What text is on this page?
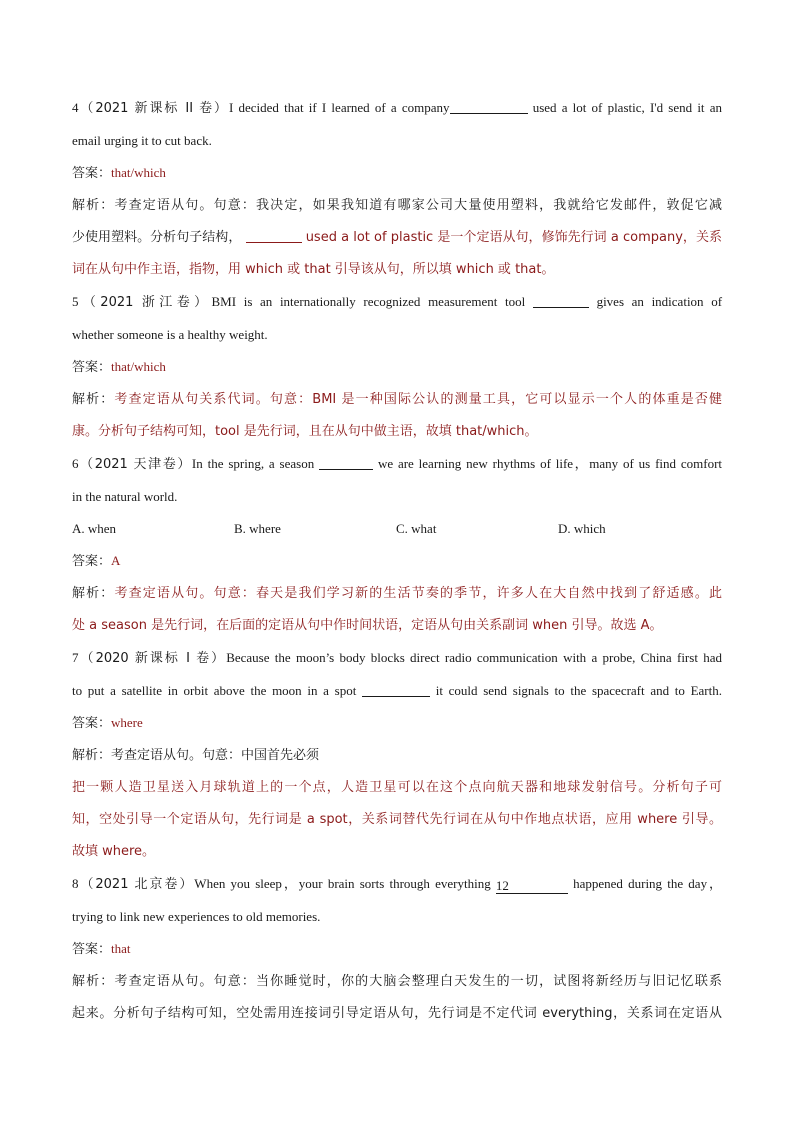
4（2021 新课标 II 卷）I decided that if I learned of a company	used a lot of plastic, I'd send it an
email urging it to cut back.
答案：that/which
解析：考查定语从句。句意：我决定，如果我知道有哪家公司大量使用塑料，我就给它发邮件，敦促它减
少使用塑料。分析句子结构，	used a lot of plastic 是一个定语从句，修饰先行词 a company，关系
词在从句中作主语，指物，用 which 或 that 引导该从句，所以填 which 或 that。
5（2021 浙江卷）BMI is an internationally recognized measurement tool	gives an indication of
whether someone is a healthy weight.
答案：that/which
解析：考查定语从句关系代词。句意：BMI 是一种国际公认的测量工具，它可以显示一个人的体重是否健
康。分析句子结构可知，tool 是先行词，且在从句中做主语，故填 that/which。
6（2021 天津卷）In the spring, a season	we are learning new rhythms of life，many of us find comfort
in the natural world.
A. when	B. where	C. what	D. which
答案：A
解析：考查定语从句。句意：春天是我们学习新的生活节奏的季节，许多人在大自然中找到了舒适感。此
处 a season 是先行词，在后面的定语从句中作时间状语，定语从句由关系副词 when 引导。故选 A。
7（2020 新课标 I 卷）Because the moon’s body blocks direct radio communication with a probe, China first had
to put a satellite in orbit above the moon in a spot	it could send signals to the spacecraft and to Earth.
答案：where
解析：考查定语从句。句意：中国首先必须
把一颗人造卫星送入月球轨道上的一个点，人造卫星可以在这个点向航天器和地球发射信号。分析句子可
知，空处引导一个定语从句，先行词是 a spot，关系词替代先行词在从句中作地点状语，应用 where 引导。
故填 where。
8（2021 北京卷）When you sleep，your brain sorts through everything 12	happened during the day，
trying to link new experiences to old memories.
答案：that
解析：考查定语从句。句意：当你睡觉时，你的大脑会整理白天发生的一切，试图将新经历与旧记忆联系
起来。分析句子结构可知，空处需用连接词引导定语从句，先行词是不定代词 everything，关系词在定语从
